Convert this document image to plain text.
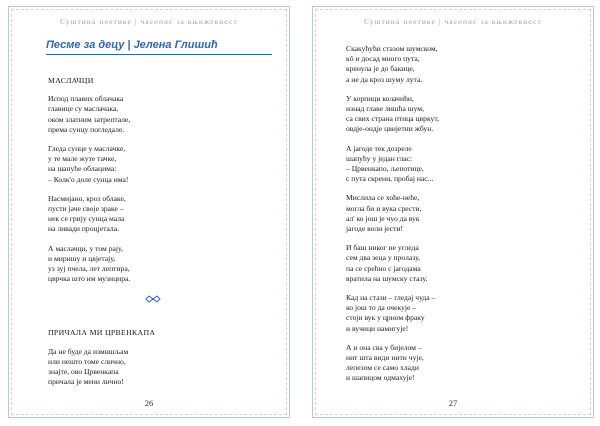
Суштина поетике | часопис за књижевност
Песме за децу | Јелена Глишић
МАСЛАЧЦИ
Испод плавих облачака
главице су маслачака,
оком златним затрептале,
према сунцу погледале.
Гледа сунце у маслачке,
у те мале жуте тачке,
на шапуће облацима:
– Колк'о доле сунца има!
Насмијано, кроз облаке,
пусти јаче своје зраке –
нек се грију сунца мала
на ливади процјетала.
А маслачци, у том рају,
и миришу и цвјетају,
уз зуј пчела, лет лептира,
цврчка што им музицира.
ПРИЧАЛА МИ ЦРВЕНКАПА
Да не буде да измишљам
или нешто томе слично,
знајте, ово Црвенкапа
причала је мени лично!
26
Суштина поетике | часопис за књижевност
Скакућући стазом шумском,
кô и досад много пута,
кренула је до бакице,
а не да кроз шуму лута.
У корпици колачићи,
изнад главе лишћа шум,
са свих страна птица цвркут,
овдје-ондје цвијетни жбун.
А јагоде тек дозреле
шапућу у један глас:
– Црвенкапо, љепотице,
с пута скрени, пробај нас...
Мислила се хоће-неће,
могла би и вука срести,
ал' ко још је чуо да вук
јагоде воли јести!
И баш никог не угледа
сем два зеца у пролазу,
па се срећно с јагодама
вратила на шумску стазу.
Кад на стази – гледај чуда –
ко још то да очекује –
стоји вук у црном фраку
и вучици намигује!
А и она сва у бијелом –
нит шта види нити чује,
лепезом се само хлади
и шапицом одмахује!
27
